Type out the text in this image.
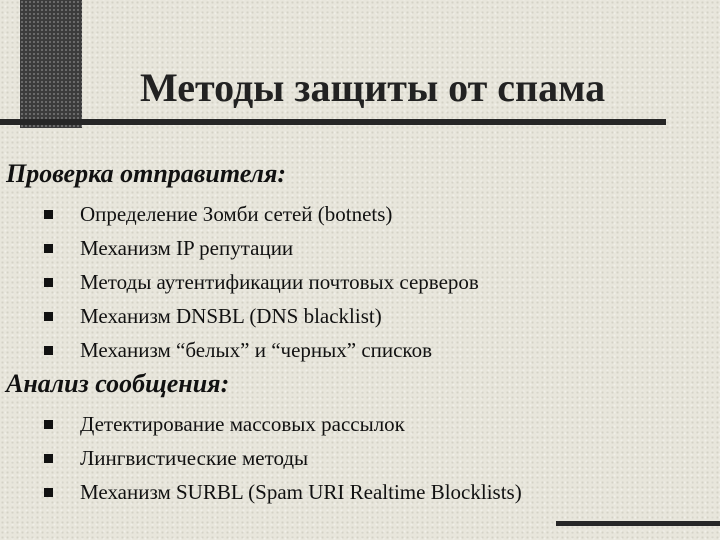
Методы защиты от спама
Проверка отправителя:
Определение Зомби сетей (botnets)
Механизм IP репутации
Методы аутентификации почтовых серверов
Механизм DNSBL (DNS blacklist)
Механизм “белых” и “черных” списков
Анализ сообщения:
Детектирование массовых рассылок
Лингвистические методы
Механизм SURBL (Spam URI Realtime Blocklists)
